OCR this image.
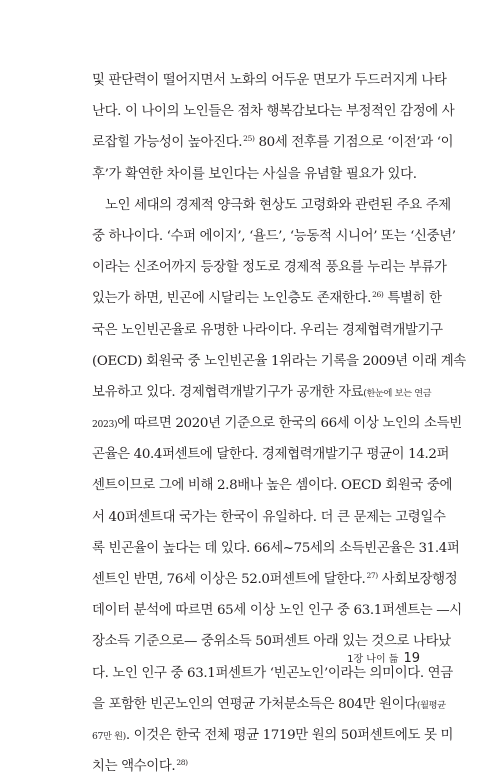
및 판단력이 떨어지면서 노화의 어두운 면모가 두드러지게 나타
난다. 이 나이의 노인들은 점차 행복감보다는 부정적인 감정에 사
로잡힐 가능성이 높아진다.$^{25)}$ 80세 전후를 기점으로 ‘이전’과 ‘이
후’가 확연한 차이를 보인다는 사실을 유념할 필요가 있다.
노인 세대의 경제적 양극화 현상도 고령화와 관련된 주요 주제
중 하나이다. ‘수퍼 에이지’, ‘욜드’, ‘능동적 시니어’ 또는 ‘신중년’
이라는 신조어까지 등장할 정도로 경제적 풍요를 누리는 부류가
있는가 하면, 빈곤에 시달리는 노인층도 존재한다.$^{26)}$ 특별히 한
국은 노인빈곤율로 유명한 나라이다. 우리는 경제협력개발기구
(OECD) 회원국 중 노인빈곤율 1위라는 기록을 2009년 이래 계속
보유하고 있다. 경제협력개발기구가 공개한 자료(한눈에 보는 연금
2023)에 따르면 2020년 기준으로 한국의 66세 이상 노인의 소득빈
곤율은 40.4퍼센트에 달한다. 경제협력개발기구 평균이 14.2퍼
센트이므로 그에 비해 2.8배나 높은 셈이다. OECD 회원국 중에
서 40퍼센트대 국가는 한국이 유일하다. 더 큰 문제는 고령일수
록 빈곤율이 높다는 데 있다. 66세~75세의 소득빈곤율은 31.4퍼
센트인 반면, 76세 이상은 52.0퍼센트에 달한다.$^{27)}$ 사회보장행정
데이터 분석에 따르면 65세 이상 노인 인구 중 63.1퍼센트는 —시
장소득 기준으로— 중위소득 50퍼센트 아래 있는 것으로 나타났
다. 노인 인구 중 63.1퍼센트가 ‘빈곤노인’이라는 의미이다. 연금
을 포함한 빈곤노인의 연평균 가처분소득은 804만 원이다(월평균
67만 원). 이것은 한국 전체 평균 1719만 원의 50퍼센트에도 못 미
치는 액수이다.$^{28)}$
1장 나이 듦 19
